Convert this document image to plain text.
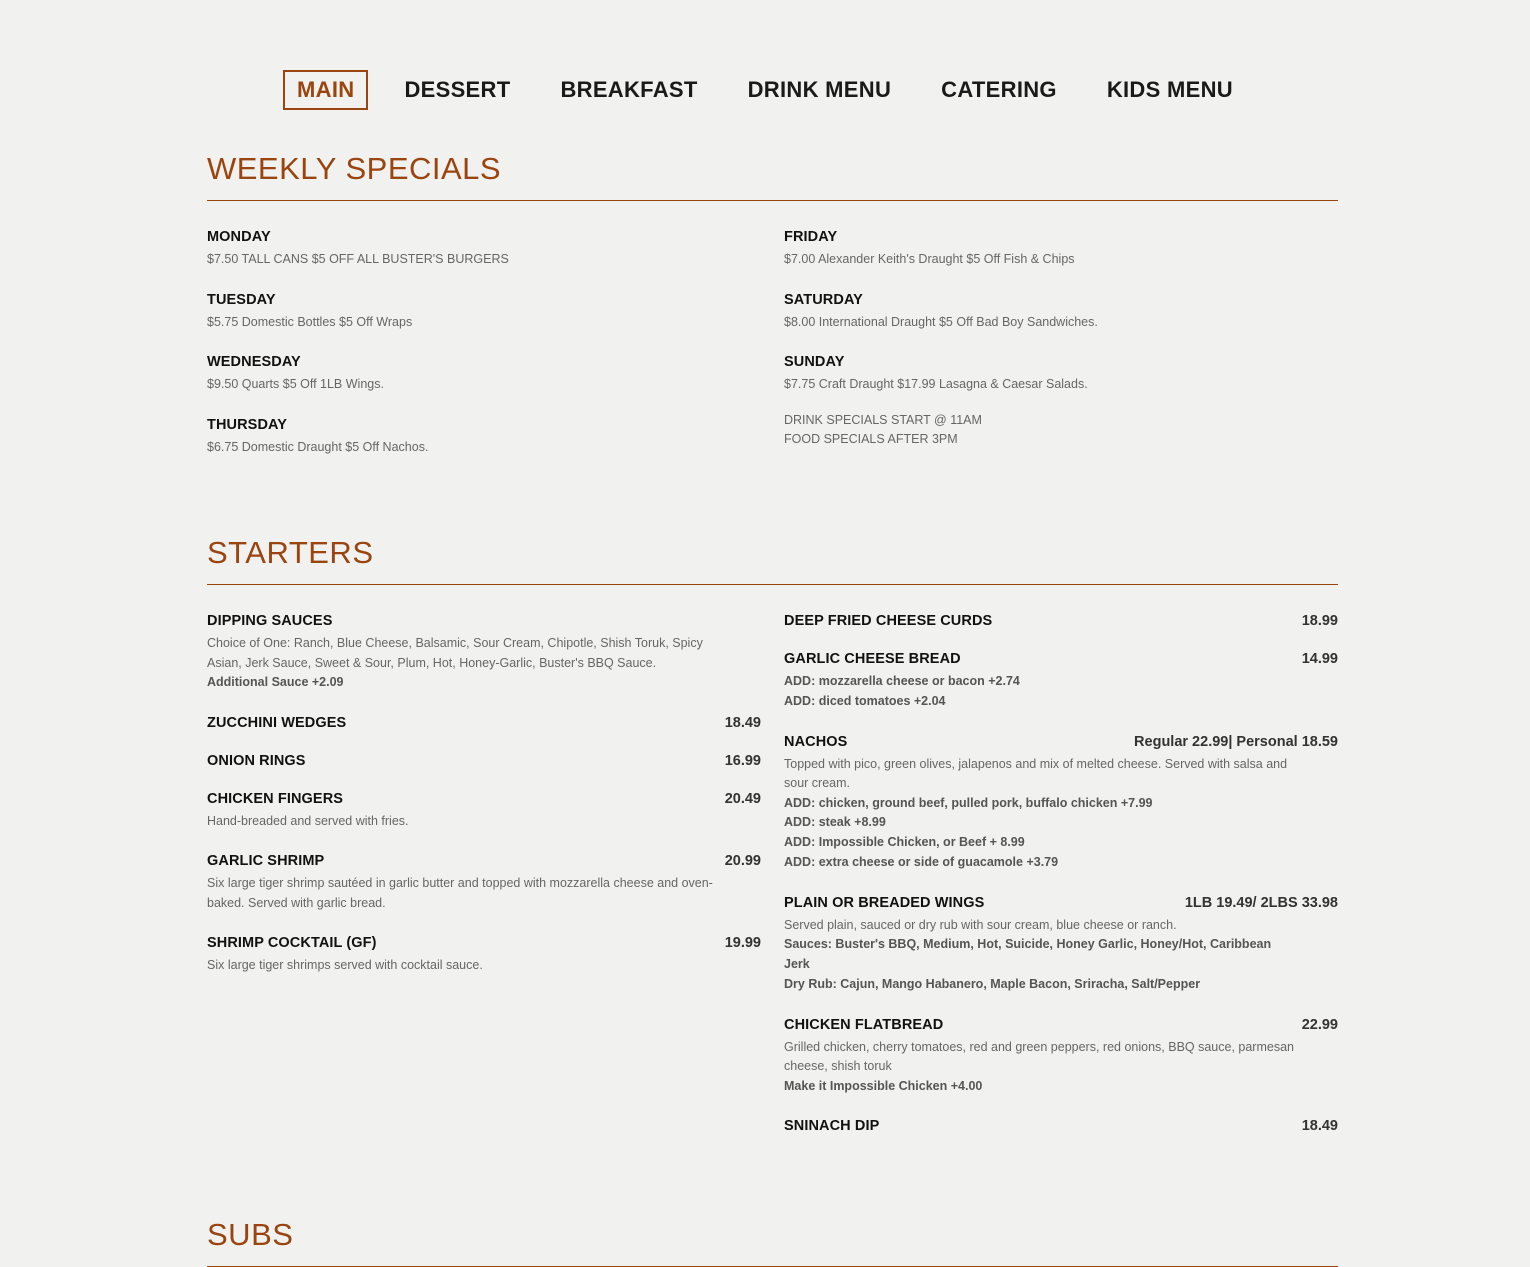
MAIN	DESSERT	BREAKFAST	DRINK MENU	CATERING	KIDS MENU
WEEKLY SPECIALS
MONDAY
$7.50 TALL CANS $5 OFF ALL BUSTER'S BURGERS
TUESDAY
$5.75 Domestic Bottles $5 Off Wraps
WEDNESDAY
$9.50 Quarts $5 Off 1LB Wings.
THURSDAY
$6.75 Domestic Draught $5 Off Nachos.
FRIDAY
$7.00 Alexander Keith's Draught $5 Off Fish & Chips
SATURDAY
$8.00 International Draught $5 Off Bad Boy Sandwiches.
SUNDAY
$7.75 Craft Draught $17.99 Lasagna & Caesar Salads.
DRINK SPECIALS START @ 11AM
FOOD SPECIALS AFTER 3PM
STARTERS
DIPPING SAUCES
Choice of One: Ranch, Blue Cheese, Balsamic, Sour Cream, Chipotle, Shish Toruk, Spicy Asian, Jerk Sauce, Sweet & Sour, Plum, Hot, Honey-Garlic, Buster's BBQ Sauce.
Additional Sauce +2.09
ZUCCHINI WEDGES	18.49
ONION RINGS	16.99
CHICKEN FINGERS	20.49
Hand-breaded and served with fries.
GARLIC SHRIMP	20.99
Six large tiger shrimp sautéed in garlic butter and topped with mozzarella cheese and oven-baked. Served with garlic bread.
SHRIMP COCKTAIL (GF)	19.99
Six large tiger shrimps served with cocktail sauce.
DEEP FRIED CHEESE CURDS	18.99
GARLIC CHEESE BREAD	14.99
ADD: mozzarella cheese or bacon +2.74
ADD: diced tomatoes +2.04
NACHOS	Regular 22.99| Personal 18.59
Topped with pico, green olives, jalapenos and mix of melted cheese. Served with salsa and sour cream.
ADD: chicken, ground beef, pulled pork, buffalo chicken +7.99
ADD: steak +8.99
ADD: Impossible Chicken, or Beef + 8.99
ADD: extra cheese or side of guacamole +3.79
PLAIN OR BREADED WINGS	1LB 19.49/ 2LBS 33.98
Served plain, sauced or dry rub with sour cream, blue cheese or ranch.
Sauces: Buster's BBQ, Medium, Hot, Suicide, Honey Garlic, Honey/Hot, Caribbean Jerk
Dry Rub: Cajun, Mango Habanero, Maple Bacon, Sriracha, Salt/Pepper
CHICKEN FLATBREAD	22.99
Grilled chicken, cherry tomatoes, red and green peppers, red onions, BBQ sauce, parmesan cheese, shish toruk
Make it Impossible Chicken +4.00
SNINACH DIP	18.49
SUBS
